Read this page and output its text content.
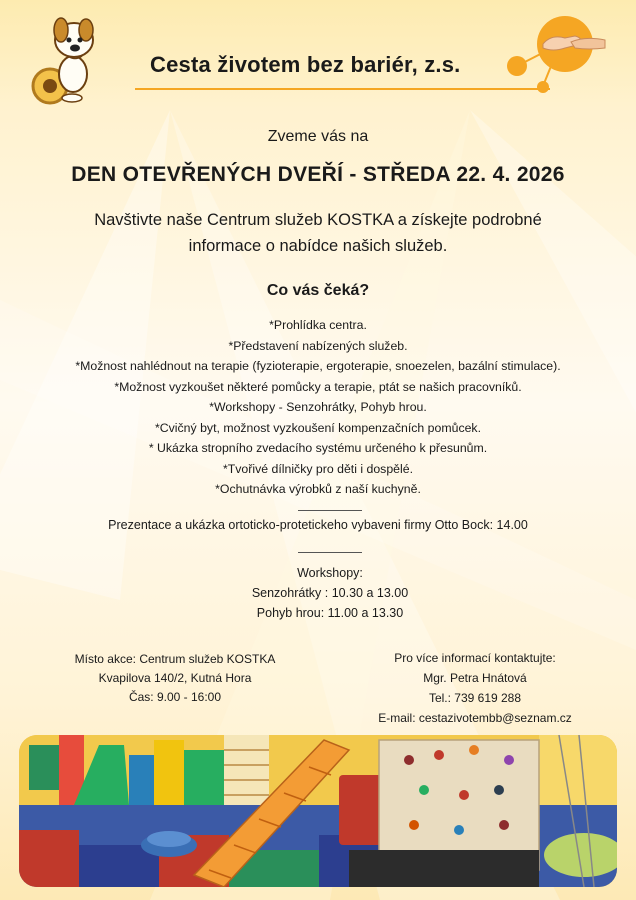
Cesta životem bez bariér, z.s.
Zveme vás na
DEN OTEVŘENÝCH DVEŘÍ - STŘEDA 22. 4. 2026
Navštivte naše Centrum služeb KOSTKA a získejte podrobné
informace o nabídce našich služeb.
Co vás čeká?
*Prohlídka centra.
*Představení nabízených služeb.
*Možnost nahlédnout na terapie (fyzioterapie, ergoterapie, snoezelen, bazální stimulace).
*Možnost vyzkoušet některé pomůcky a terapie, ptát se našich pracovníků.
*Workshopy - Senzohrátky, Pohyb hrou.
*Cvičný byt, možnost vyzkoušení kompenzačních pomůcek.
* Ukázka stropního zvedacího systému určeného k přesunům.
*Tvořivé dílničky pro děti i dospělé.
*Ochutnávka výrobků z naší kuchyně.
Prezentace a ukázka ortoticko-protetickeho vybaveni firmy Otto Bock: 14.00
Workshopy:
Senzohrátky : 10.30 a 13.00
Pohyb hrou: 11.00 a 13.30
Místo akce: Centrum služeb KOSTKA
Kvapilova 140/2, Kutná Hora
Čas: 9.00 - 16:00
Pro více informací kontaktujte:
Mgr. Petra Hnátová
Tel.: 739 619 288
E-mail: cestazivotembb@seznam.cz
